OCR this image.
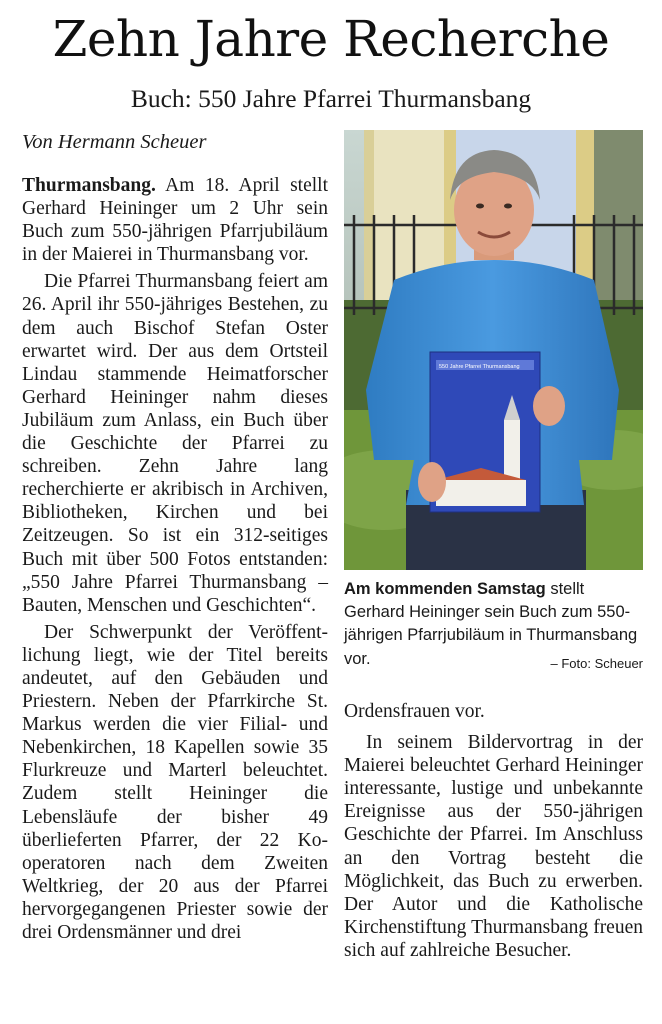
Zehn Jahre Recherche
Buch: 550 Jahre Pfarrei Thurmansbang
Von Hermann Scheuer

Thurmansbang. Am 18. April stellt Gerhard Heininger um 2 Uhr sein Buch zum 550-jährigen Pfarrjubiläum in der Maierei in Thurmansbang vor.

Die Pfarrei Thurmansbang feiert am 26. April ihr 550-jähriges Bestehen, zu dem auch Bischof Stefan Oster erwartet wird. Der aus dem Ortsteil Lindau stammende Heimatforscher Gerhard Heininger nahm dieses Jubiläum zum Anlass, ein Buch über die Geschichte der Pfarrei zu schreiben. Zehn Jahre lang recherchierte er akribisch in Archiven, Bibliotheken, Kirchen und bei Zeitzeugen. So ist ein 312-seitiges Buch mit über 500 Fotos entstanden: „550 Jahre Pfarrei Thurmansbang – Bauten, Menschen und Geschichten“.

Der Schwerpunkt der Veröffentlichung liegt, wie der Titel bereits andeutet, auf den Gebäuden und Priestern. Neben der Pfarrkirche St. Markus werden die vier Filial- und Nebenkirchen, 18 Kapellen sowie 35 Flurkreuze und Marterl beleuchtet. Zudem stellt Heininger die Lebensläufe der bisher 49 überlieferten Pfarrer, der 22 Kooperatoren nach dem Zweiten Weltkrieg, der 20 aus der Pfarrei hervorgegangenen Priester sowie der drei Ordensmänner und drei

550 Jahre Pfarrei Thurmansbang
Am kommenden Samstag stellt Gerhard Heininger sein Buch zum 550-jährigen Pfarrjubiläum in Thurmansbang vor.	– Foto: Scheuer

Ordensfrauen vor.

In seinem Bildervortrag in der Maierei beleuchtet Gerhard Heininger interessante, lustige und unbekannte Ereignisse aus der 550-jährigen Geschichte der Pfarrei. Im Anschluss an den Vortrag besteht die Möglichkeit, das Buch zu erwerben. Der Autor und die Katholische Kirchenstiftung Thurmansbang freuen sich auf zahlreiche Besucher.
